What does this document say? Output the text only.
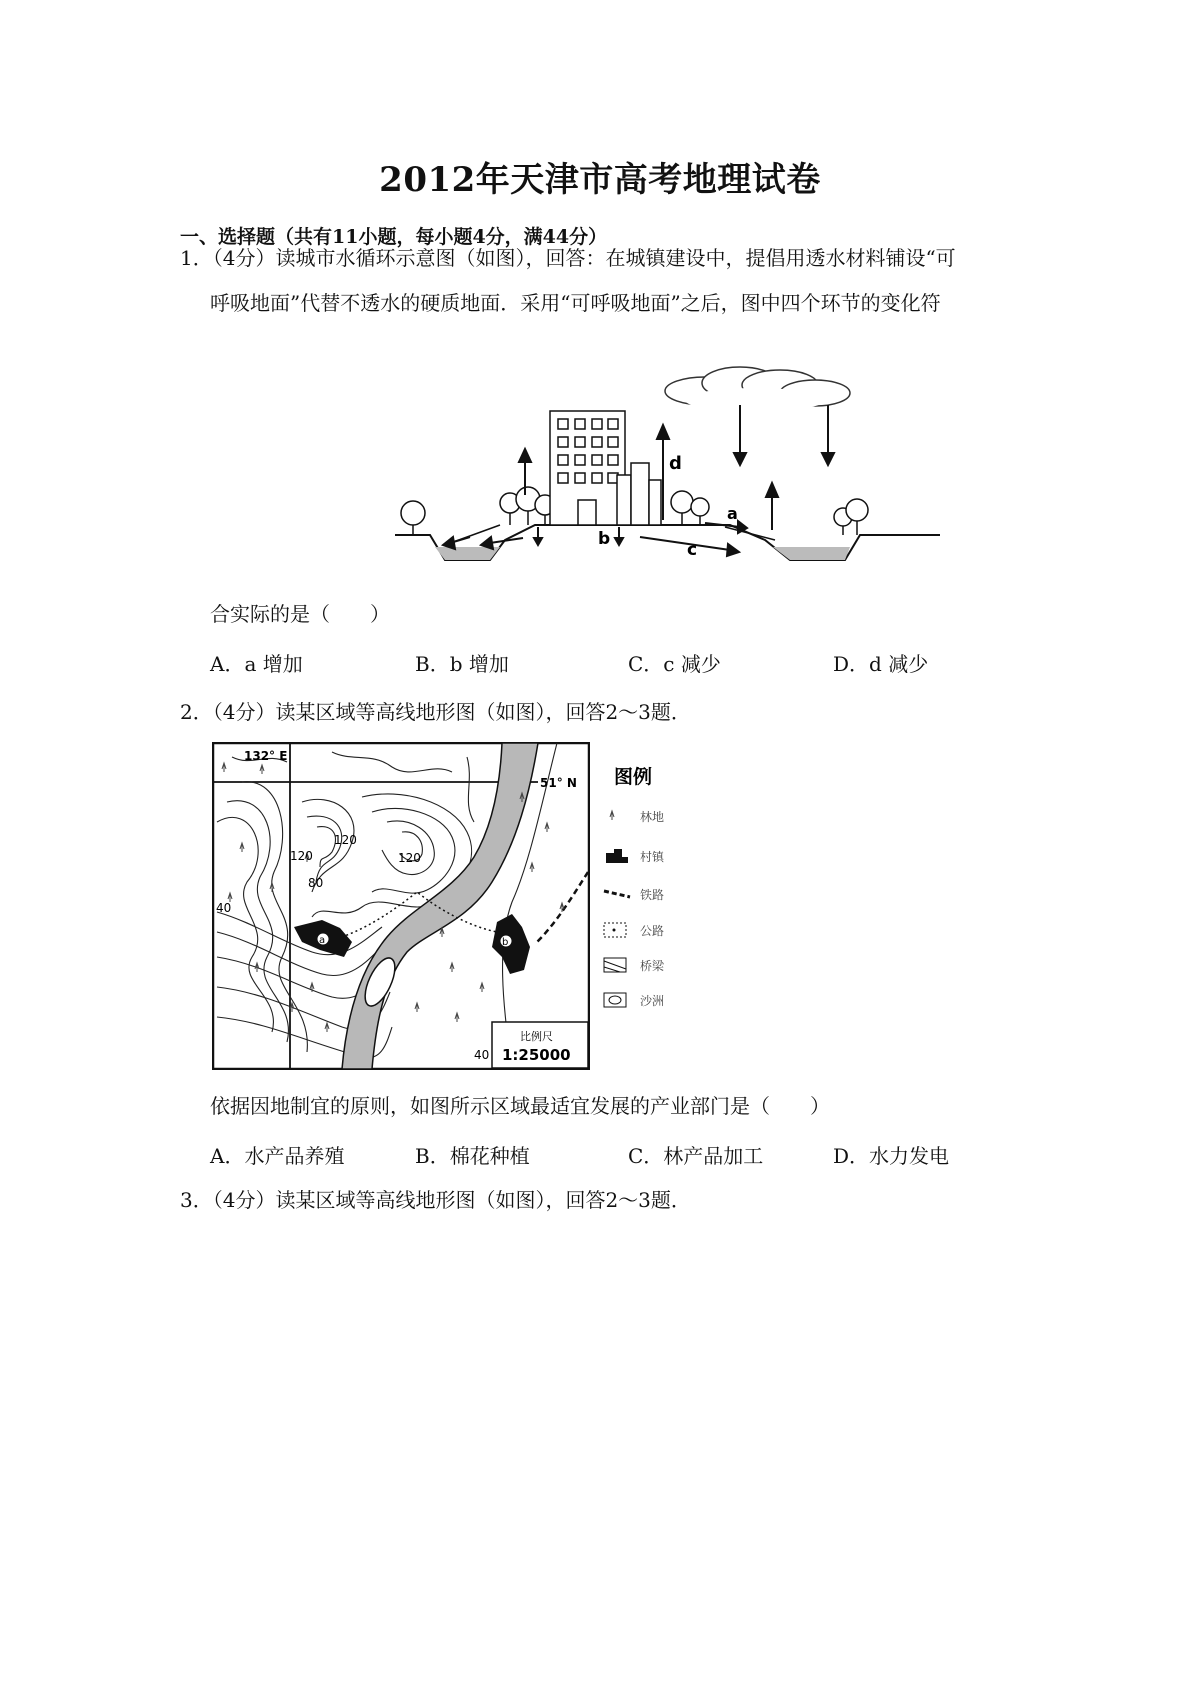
2012年天津市高考地理试卷
一、选择题（共有11小题，每小题4分，满44分）
1．（4分）读城市水循环示意图（如图），回答：在城镇建设中，提倡用透水材料铺设“可
呼吸地面”代替不透水的硬质地面．采用“可呼吸地面”之后，图中四个环节的变化符
d
a
b
c
合实际的是（　　）
A．a 增加	B．b 增加	C．c 减少	D．d 减少
2．（4分）读某区域等高线地形图（如图），回答2～3题．
a	b
132° E
51° N
120
120	120
80
40
40
比例尺
1:25000
图例
林地
村镇
铁路
公路
桥梁
沙洲
依据因地制宜的原则，如图所示区域最适宜发展的产业部门是（　　）
A．水产品养殖	B．棉花种植	C．林产品加工	D．水力发电
3．（4分）读某区域等高线地形图（如图），回答2～3题．
